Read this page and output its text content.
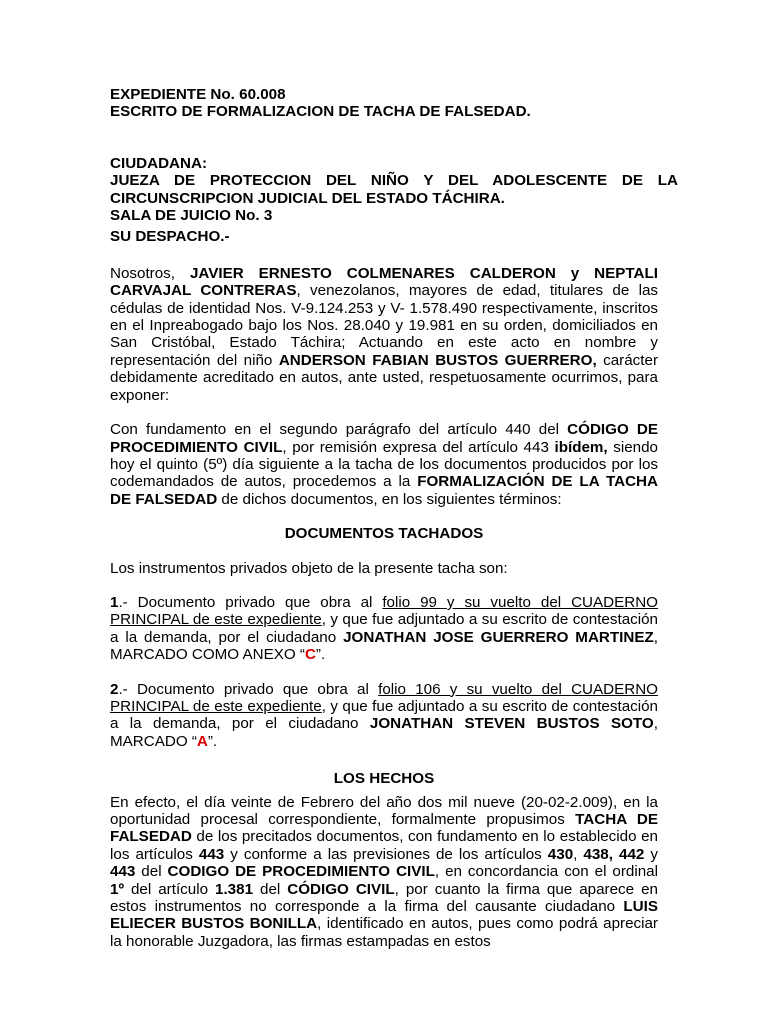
EXPEDIENTE No. 60.008

ESCRITO DE FORMALIZACION DE TACHA DE FALSEDAD.

CIUDADANA:

JUEZA DE PROTECCION DEL NIÑO Y DEL ADOLESCENTE DE LA

CIRCUNSCRIPCION JUDICIAL DEL ESTADO TÁCHIRA.

SALA DE JUICIO No. 3

SU DESPACHO.-

Nosotros, JAVIER ERNESTO COLMENARES CALDERON y NEPTALI CARVAJAL CONTRERAS, venezolanos, mayores de edad, titulares de las cédulas de identidad Nos. V-9.124.253 y V- 1.578.490 respectivamente, inscritos en el Inpreabogado bajo los Nos. 28.040 y 19.981 en su orden, domiciliados en San Cristóbal, Estado Táchira; Actuando en este acto en nombre y representación del niño ANDERSON FABIAN BUSTOS GUERRERO, carácter debidamente acreditado en autos, ante usted, respetuosamente ocurrimos, para exponer:

Con fundamento en el segundo parágrafo del artículo 440 del CÓDIGO DE PROCEDIMIENTO CIVIL, por remisión expresa del artículo 443 ibídem, siendo hoy el quinto (5º) día siguiente a la tacha de los documentos producidos por los codemandados de autos, procedemos a la FORMALIZACIÓN DE LA TACHA DE FALSEDAD de dichos documentos, en los siguientes términos:

DOCUMENTOS TACHADOS

Los instrumentos privados objeto de la presente tacha son:

1.- Documento privado que obra al folio 99 y su vuelto del CUADERNO PRINCIPAL de este expediente, y que fue adjuntado a su escrito de contestación a la demanda, por el ciudadano JONATHAN JOSE GUERRERO MARTINEZ, MARCADO COMO ANEXO “C”.

2.- Documento privado que obra al folio 106 y su vuelto del CUADERNO PRINCIPAL de este expediente, y que fue adjuntado a su escrito de contestación a la demanda, por el ciudadano JONATHAN STEVEN BUSTOS SOTO, MARCADO “A”.

LOS HECHOS

En efecto, el día veinte de Febrero del año dos mil nueve (20-02-2.009), en la oportunidad procesal correspondiente, formalmente propusimos TACHA DE FALSEDAD de los precitados documentos, con fundamento en lo establecido en los artículos 443 y conforme a las previsiones de los artículos 430, 438, 442 y 443 del CODIGO DE PROCEDIMIENTO CIVIL, en concordancia con el ordinal 1º del artículo 1.381 del CÓDIGO CIVIL, por cuanto la firma que aparece en estos instrumentos no corresponde a la firma del causante ciudadano LUIS ELIECER BUSTOS BONILLA, identificado en autos, pues como podrá apreciar la honorable Juzgadora, las firmas estampadas en estos
